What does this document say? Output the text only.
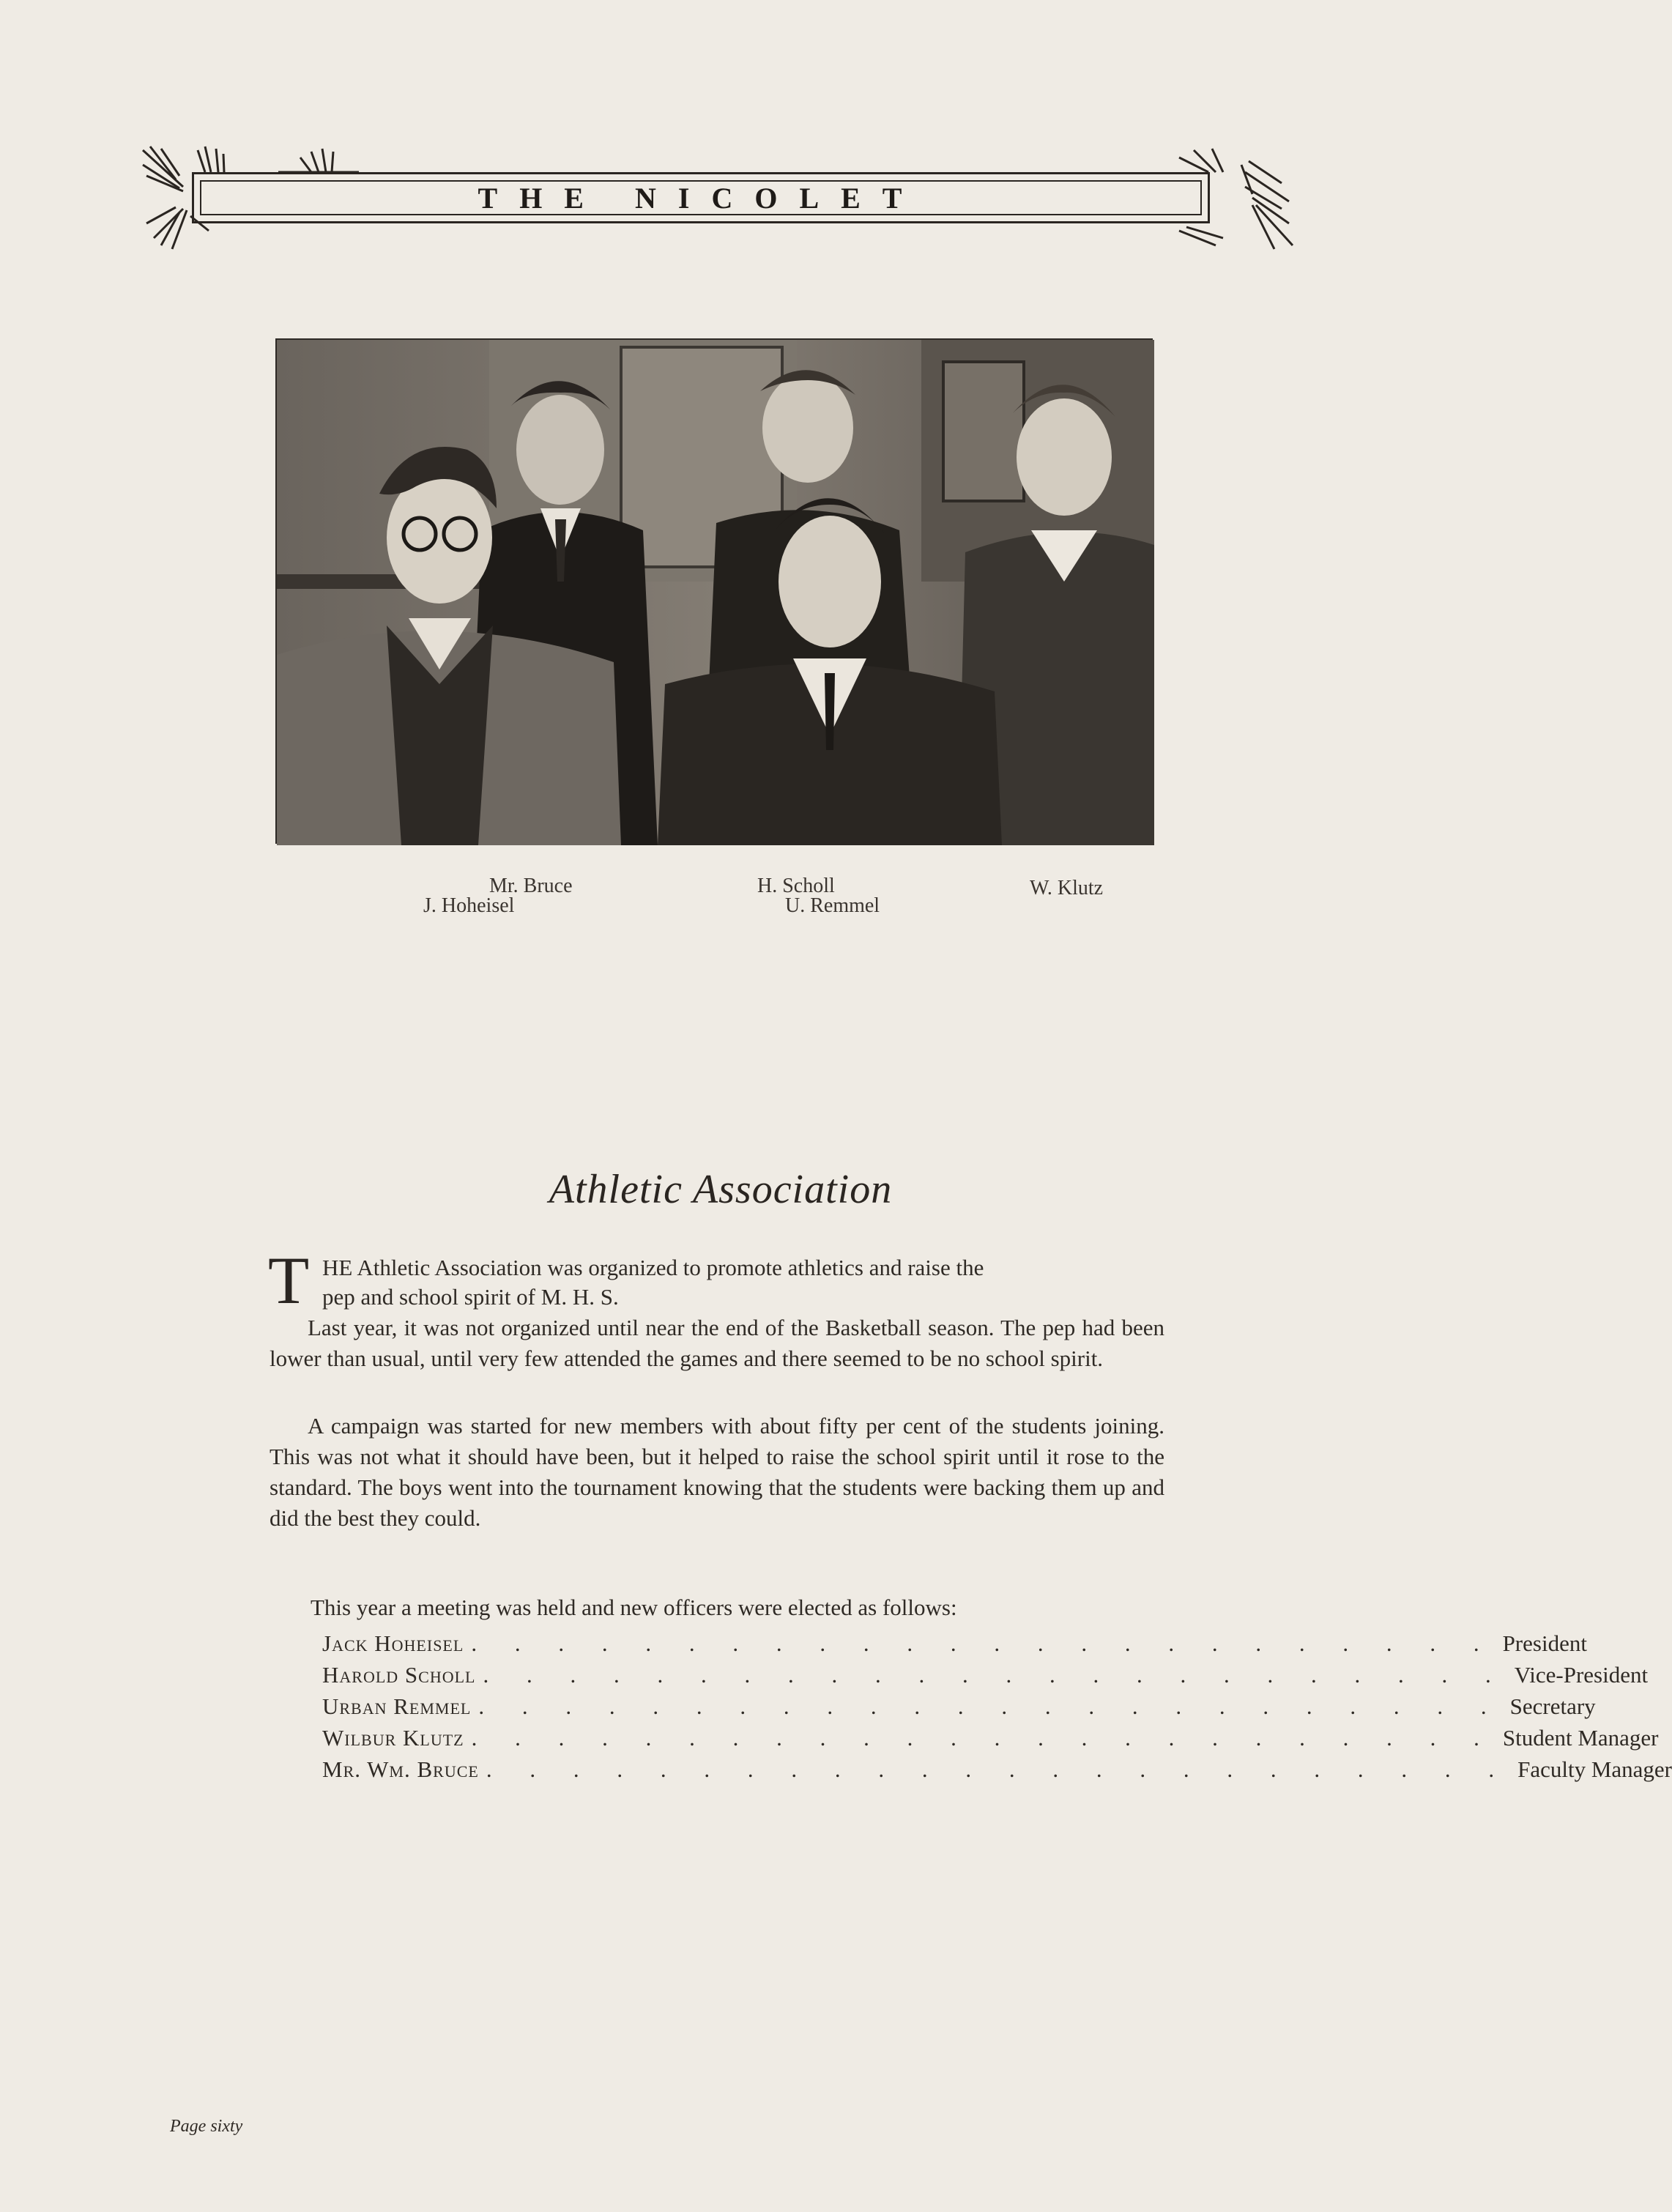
THE NICOLET
Mr. Bruce
J. Hoheisel
H. Scholl
U. Remmel
W. Klutz
Athletic Association
T HE Athletic Association was organized to promote athletics and raise the

pep and school spirit of M. H. S.

Last year, it was not organized until near the end of the Basketball season. The pep had been lower than usual, until very few attended the games and there seemed to be no school spirit.

A campaign was started for new members with about fifty per cent of the students joining. This was not what it should have been, but it helped to raise the school spirit until it rose to the standard. The boys went into the tournament knowing that the students were backing them up and did the best they could.

This year a meeting was held and new officers were elected as follows:

Jack Hoheisel . . . . . . . . . . . . . . . . . . . . . . . . President
Harold Scholl . . . . . . . . . . . . . . . . . . . . . . . . Vice-President
Urban Remmel . . . . . . . . . . . . . . . . . . . . . . . . Secretary
Wilbur Klutz . . . . . . . . . . . . . . . . . . . . . . . . Student Manager
Mr. Wm. Bruce . . . . . . . . . . . . . . . . . . . . . . . . Faculty Manager
Page sixty
